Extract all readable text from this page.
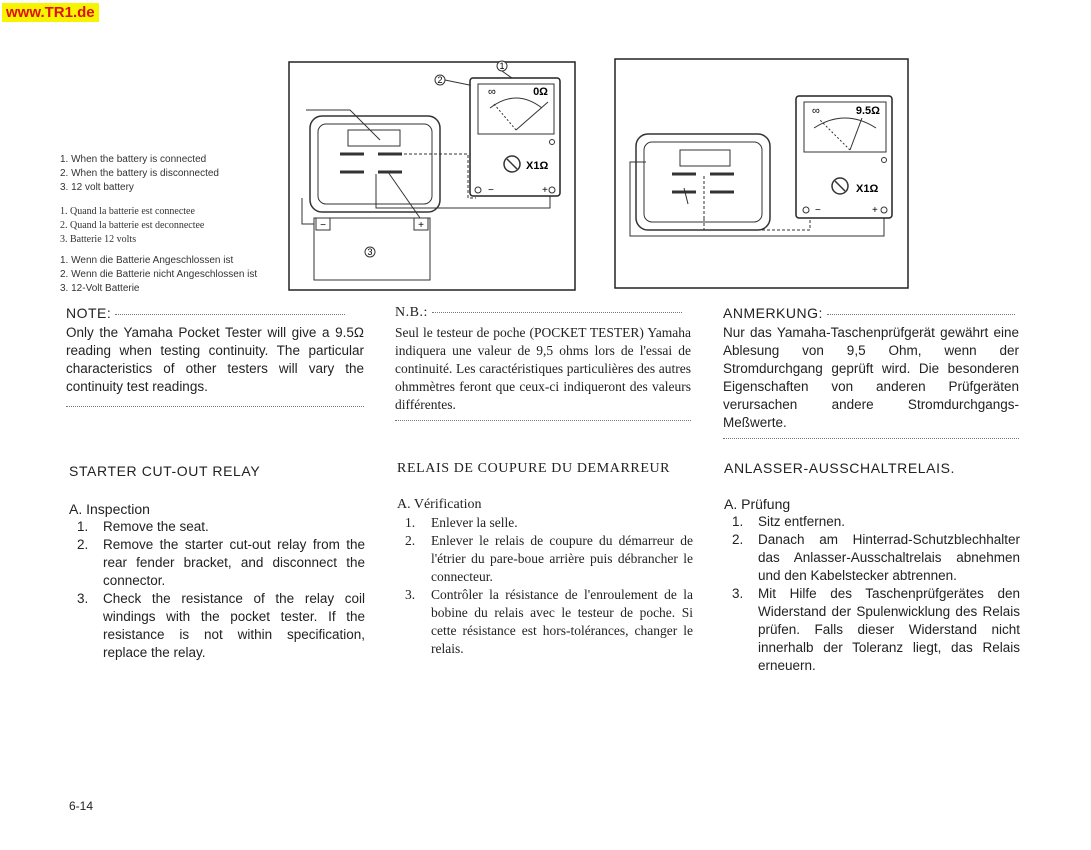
www.TR1.de
1. When the battery is connected
2. When the battery is disconnected
3. 12 volt battery
1. Quand la batterie est connectee
2. Quand la batterie est deconnectee
3. Batterie 12 volts
1. Wenn die Batterie Angeschlossen ist
2. Wenn die Batterie nicht Angeschlossen ist
3. 12-Volt Batterie
−	+
1
2
3
∞	0Ω
X1Ω
−	+
∞	9.5Ω
X1Ω
−	+
NOTE:
Only the Yamaha Pocket Tester will give a 9.5Ω reading when testing continuity. The particular characteristics of other testers will vary the continuity test readings.
N.B.:
Seul le testeur de poche (POCKET TESTER) Yamaha indiquera une valeur de 9,5 ohms lors de l'essai de continuité. Les caractéristiques particulières des autres ohmmètres feront que ceux-ci indiqueront des valeurs différentes.
ANMERKUNG:
Nur das Yamaha-Taschenprüfgerät gewährt eine Ablesung von 9,5 Ohm, wenn der Stromdurchgang geprüft wird. Die besonderen Eigenschaften von anderen Prüfgeräten verursachen andere Stromdurchgangs-Meßwerte.
STARTER CUT-OUT RELAY
A. Inspection
1. Remove the seat.
2. Remove the starter cut-out relay from the rear fender bracket, and disconnect the connector.
3. Check the resistance of the relay coil windings with the pocket tester. If the resistance is not within specification, replace the relay.
RELAIS DE COUPURE DU DEMARREUR
A. Vérification
1. Enlever la selle.
2. Enlever le relais de coupure du démarreur de l'étrier du pare-boue arrière puis débrancher le connecteur.
3. Contrôler la résistance de l'enroulement de la bobine du relais avec le testeur de poche. Si cette résistance est hors-tolérances, changer le relais.
ANLASSER-AUSSCHALTRELAIS.
A. Prüfung
1. Sitz entfernen.
2. Danach am Hinterrad-Schutzblechhalter das Anlasser-Ausschaltrelais abnehmen und den Kabelstecker abtrennen.
3. Mit Hilfe des Taschenprüfgerätes den Widerstand der Spulenwicklung des Relais prüfen. Falls dieser Widerstand nicht innerhalb der Toleranz liegt, das Relais erneuern.
6-14
